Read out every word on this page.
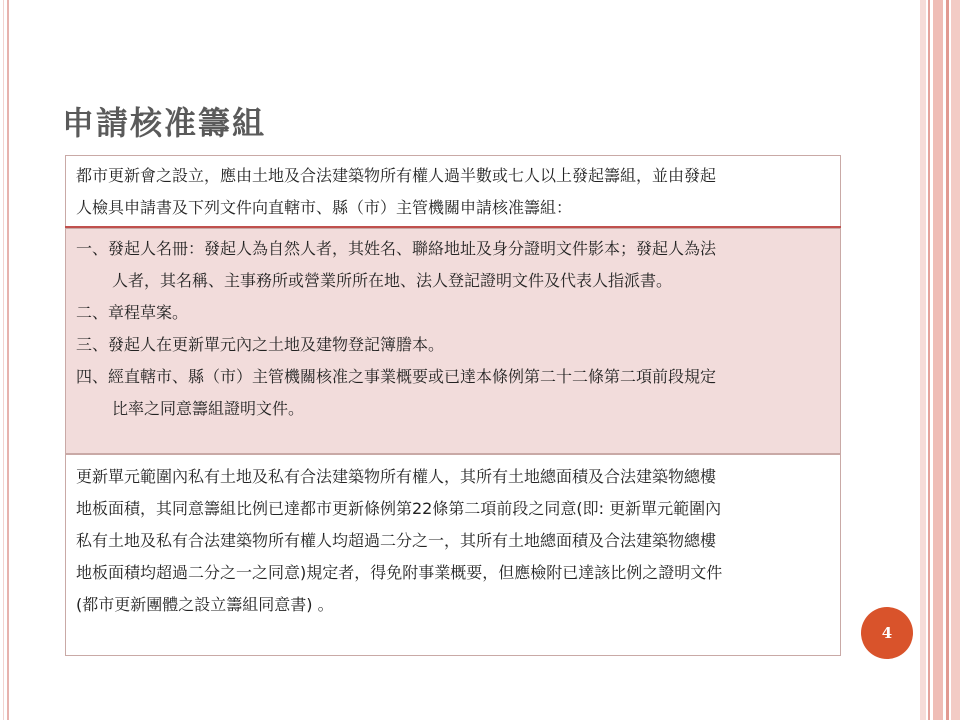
申請核准籌組
都市更新會之設立，應由土地及合法建築物所有權人過半數或七人以上發起籌組，並由發起
人檢具申請書及下列文件向直轄市、縣（市）主管機關申請核准籌組：
一、發起人名冊：發起人為自然人者，其姓名、聯絡地址及身分證明文件影本；發起人為法
人者，其名稱、主事務所或營業所所在地、法人登記證明文件及代表人指派書。
二、章程草案。
三、發起人在更新單元內之土地及建物登記簿謄本。
四、經直轄市、縣（市）主管機關核准之事業概要或已達本條例第二十二條第二項前段規定
比率之同意籌組證明文件。
更新單元範圍內私有土地及私有合法建築物所有權人，其所有土地總面積及合法建築物總樓
地板面積，其同意籌組比例已達都市更新條例第22條第二項前段之同意(即: 更新單元範圍內
私有土地及私有合法建築物所有權人均超過二分之一，其所有土地總面積及合法建築物總樓
地板面積均超過二分之一之同意)規定者，得免附事業概要，但應檢附已達該比例之證明文件
(都市更新團體之設立籌組同意書) 。
4
